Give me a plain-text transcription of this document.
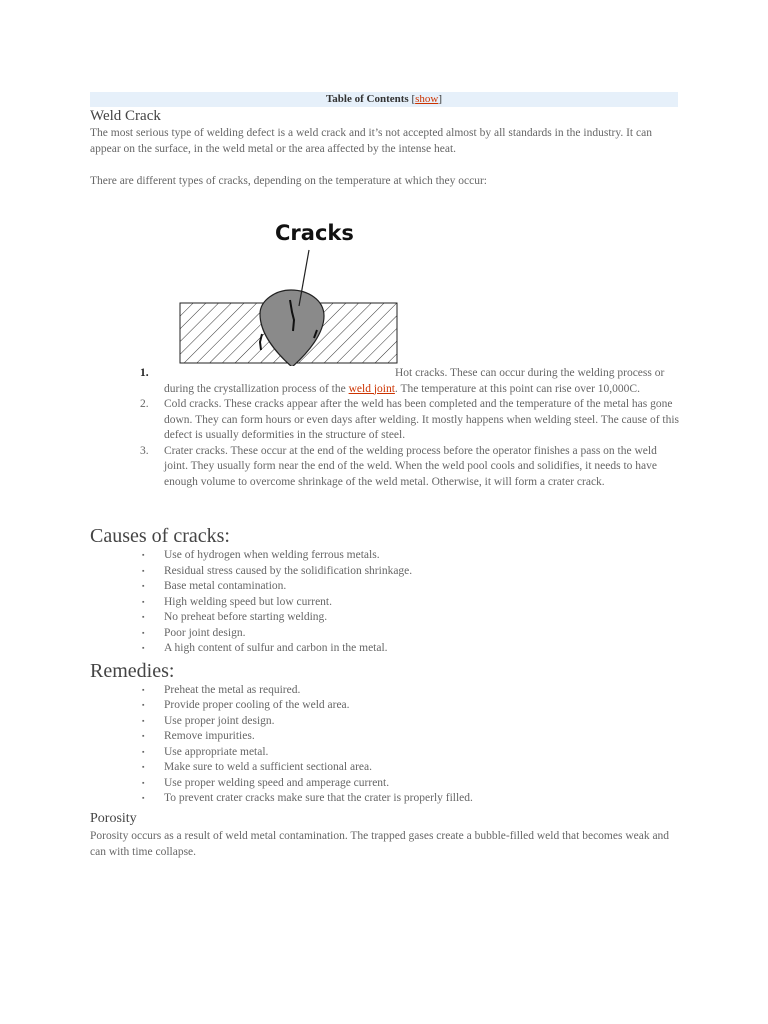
Table of Contents [show]
Weld Crack

The most serious type of welding defect is a weld crack and it’s not accepted almost by all standards in the industry. It can appear on the surface, in the weld metal or the area affected by the intense heat.

There are different types of cracks, depending on the temperature at which they occur:

Cracks
1.	Hot cracks. These can occur during the welding process or during the crystallization process of the weld joint. The temperature at this point can rise over 10,000C.
2. Cold cracks. These cracks appear after the weld has been completed and the temperature of the metal has gone down. They can form hours or even days after welding. It mostly happens when welding steel. The cause of this defect is usually deformities in the structure of steel.
3. Crater cracks. These occur at the end of the welding process before the operator finishes a pass on the weld joint. They usually form near the end of the weld. When the weld pool cools and solidifies, it needs to have enough volume to overcome shrinkage of the weld metal. Otherwise, it will form a crater crack.
Causes of cracks:
▪ Use of hydrogen when welding ferrous metals.
▪ Residual stress caused by the solidification shrinkage.
▪ Base metal contamination.
▪ High welding speed but low current.
▪ No preheat before starting welding.
▪ Poor joint design.
▪ A high content of sulfur and carbon in the metal.
Remedies:
▪ Preheat the metal as required.
▪ Provide proper cooling of the weld area.
▪ Use proper joint design.
▪ Remove impurities.
▪ Use appropriate metal.
▪ Make sure to weld a sufficient sectional area.
▪ Use proper welding speed and amperage current.
▪ To prevent crater cracks make sure that the crater is properly filled.
Porosity

Porosity occurs as a result of weld metal contamination. The trapped gases create a bubble-filled weld that becomes weak and can with time collapse.
